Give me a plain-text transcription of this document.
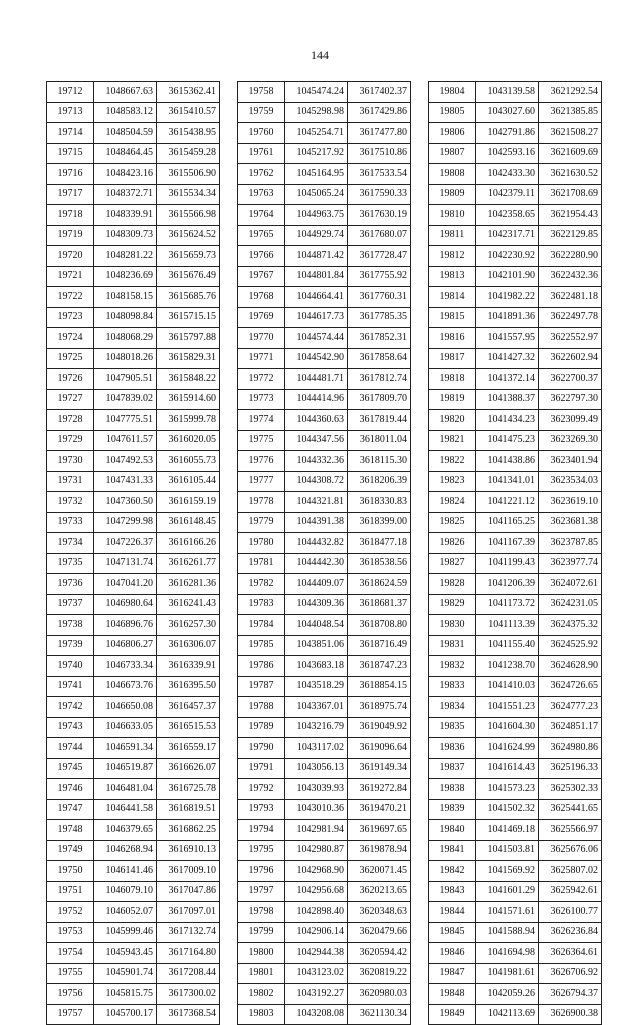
144
19712	1048667.63	3615362.41
19713	1048583.12	3615410.57
19714	1048504.59	3615438.95
19715	1048464.45	3615459.28
19716	1048423.16	3615506.90
19717	1048372.71	3615534.34
19718	1048339.91	3615566.98
19719	1048309.73	3615624.52
19720	1048281.22	3615659.73
19721	1048236.69	3615676.49
19722	1048158.15	3615685.76
19723	1048098.84	3615715.15
19724	1048068.29	3615797.88
19725	1048018.26	3615829.31
19726	1047905.51	3615848.22
19727	1047839.02	3615914.60
19728	1047775.51	3615999.78
19729	1047611.57	3616020.05
19730	1047492.53	3616055.73
19731	1047431.33	3616105.44
19732	1047360.50	3616159.19
19733	1047299.98	3616148.45
19734	1047226.37	3616166.26
19735	1047131.74	3616261.77
19736	1047041.20	3616281.36
19737	1046980.64	3616241.43
19738	1046896.76	3616257.30
19739	1046806.27	3616306.07
19740	1046733.34	3616339.91
19741	1046673.76	3616395.50
19742	1046650.08	3616457.37
19743	1046633.05	3616515.53
19744	1046591.34	3616559.17
19745	1046519.87	3616626.07
19746	1046481.04	3616725.78
19747	1046441.58	3616819.51
19748	1046379.65	3616862.25
19749	1046268.94	3616910.13
19750	1046141.46	3617009.10
19751	1046079.10	3617047.86
19752	1046052.07	3617097.01
19753	1045999.46	3617132.74
19754	1045943.45	3617164.80
19755	1045901.74	3617208.44
19756	1045815.75	3617300.02
19757	1045700.17	3617368.54
19758	1045474.24	3617402.37
19759	1045298.98	3617429.86
19760	1045254.71	3617477.80
19761	1045217.92	3617510.86
19762	1045164.95	3617533.54
19763	1045065.24	3617590.33
19764	1044963.75	3617630.19
19765	1044929.74	3617680.07
19766	1044871.42	3617728.47
19767	1044801.84	3617755.92
19768	1044664.41	3617760.31
19769	1044617.73	3617785.35
19770	1044574.44	3617852.31
19771	1044542.90	3617858.64
19772	1044481.71	3617812.74
19773	1044414.96	3617809.70
19774	1044360.63	3617819.44
19775	1044347.56	3618011.04
19776	1044332.36	3618115.30
19777	1044308.72	3618206.39
19778	1044321.81	3618330.83
19779	1044391.38	3618399.00
19780	1044432.82	3618477.18
19781	1044442.30	3618538.56
19782	1044409.07	3618624.59
19783	1044309.36	3618681.37
19784	1044048.54	3618708.80
19785	1043851.06	3618716.49
19786	1043683.18	3618747.23
19787	1043518.29	3618854.15
19788	1043367.01	3618975.74
19789	1043216.79	3619049.92
19790	1043117.02	3619096.64
19791	1043056.13	3619149.34
19792	1043039.93	3619272.84
19793	1043010.36	3619470.21
19794	1042981.94	3619697.65
19795	1042980.87	3619878.94
19796	1042968.90	3620071.45
19797	1042956.68	3620213.65
19798	1042898.40	3620348.63
19799	1042906.14	3620479.66
19800	1042944.38	3620594.42
19801	1043123.02	3620819.22
19802	1043192.27	3620980.03
19803	1043208.08	3621130.34
19804	1043139.58	3621292.54
19805	1043027.60	3621385.85
19806	1042791.86	3621508.27
19807	1042593.16	3621609.69
19808	1042433.30	3621630.52
19809	1042379.11	3621708.69
19810	1042358.65	3621954.43
19811	1042317.71	3622129.85
19812	1042230.92	3622280.90
19813	1042101.90	3622432.36
19814	1041982.22	3622481.18
19815	1041891.36	3622497.78
19816	1041557.95	3622552.97
19817	1041427.32	3622602.94
19818	1041372.14	3622700.37
19819	1041388.37	3622797.30
19820	1041434.23	3623099.49
19821	1041475.23	3623269.30
19822	1041438.86	3623401.94
19823	1041341.01	3623534.03
19824	1041221.12	3623619.10
19825	1041165.25	3623681.38
19826	1041167.39	3623787.85
19827	1041199.43	3623977.74
19828	1041206.39	3624072.61
19829	1041173.72	3624231.05
19830	1041113.39	3624375.32
19831	1041155.40	3624525.92
19832	1041238.70	3624628.90
19833	1041410.03	3624726.65
19834	1041551.23	3624777.23
19835	1041604.30	3624851.17
19836	1041624.99	3624980.86
19837	1041614.43	3625196.33
19838	1041573.23	3625302.33
19839	1041502.32	3625441.65
19840	1041469.18	3625566.97
19841	1041503.81	3625676.06
19842	1041569.92	3625807.02
19843	1041601.29	3625942.61
19844	1041571.61	3626100.77
19845	1041588.94	3626236.84
19846	1041694.98	3626364.61
19847	1041981.61	3626706.92
19848	1042059.26	3626794.37
19849	1042113.69	3626900.38
